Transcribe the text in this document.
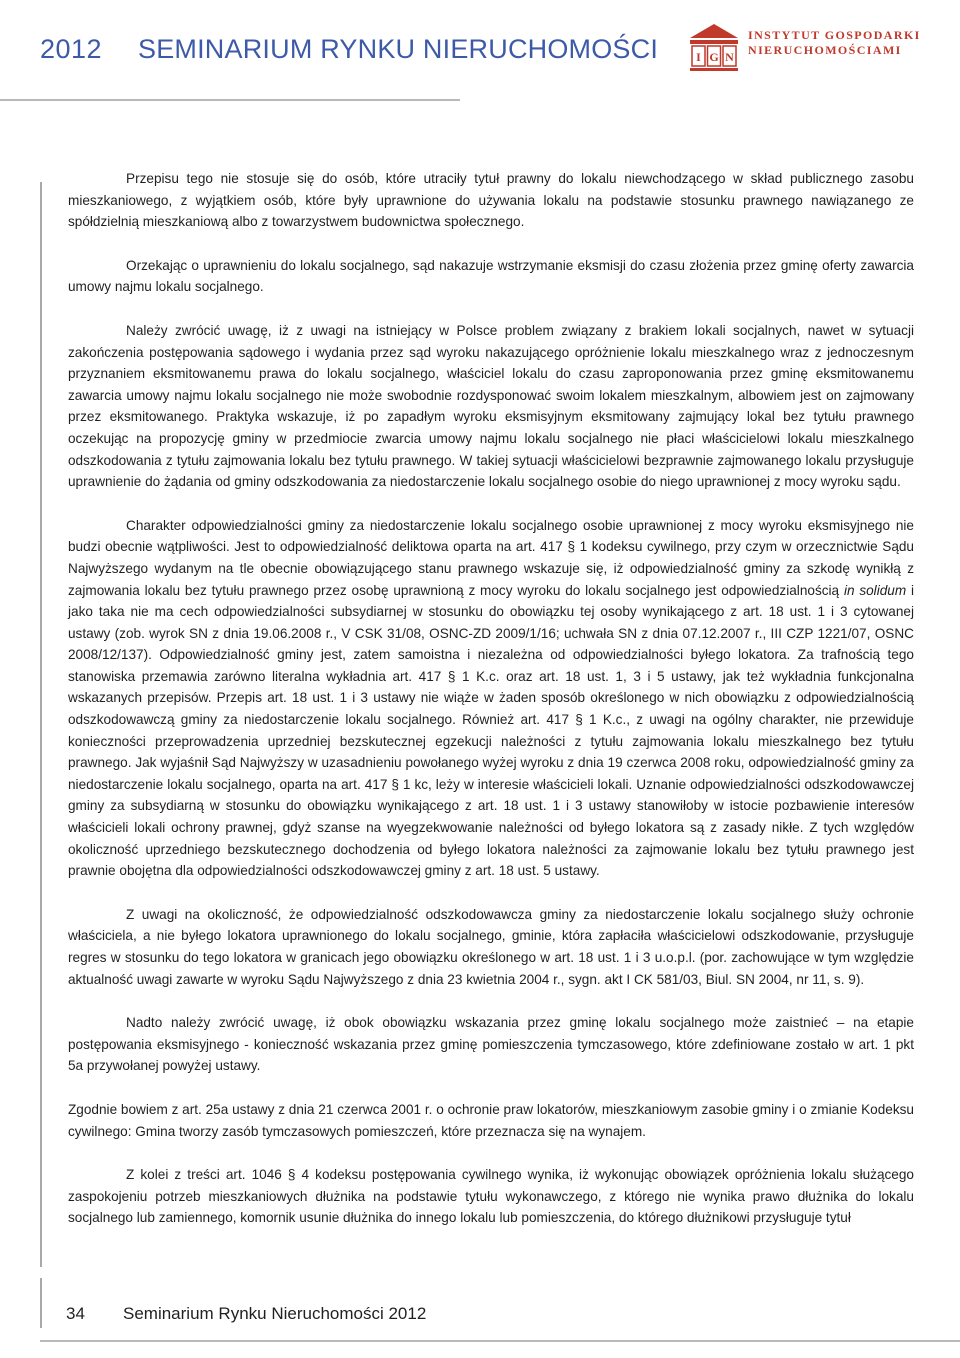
2012 SEMINARIUM RYNKU NIERUCHOMOŚCI	I G N
INSTYTUT GOSPODARKI
NIERUCHOMOŚCIAMI

Przepisu tego nie stosuje się do osób, które utraciły tytuł prawny do lokalu niewchodzącego w skład publicznego zasobu mieszkaniowego, z wyjątkiem osób, które były uprawnione do używania lokalu na podstawie stosunku prawnego nawiązanego ze spółdzielnią mieszkaniową albo z towarzystwem budownictwa społecznego.

Orzekając o uprawnieniu do lokalu socjalnego, sąd nakazuje wstrzymanie eksmisji do czasu złożenia przez gminę oferty zawarcia umowy najmu lokalu socjalnego.

Należy zwrócić uwagę, iż z uwagi na istniejący w Polsce problem związany z brakiem lokali socjalnych, nawet w sytuacji zakończenia postępowania sądowego i wydania przez sąd wyroku nakazującego opróżnienie lokalu mieszkalnego wraz z jednoczesnym przyznaniem eksmitowanemu prawa do lokalu socjalnego, właściciel lokalu do czasu zaproponowania przez gminę eksmitowanemu zawarcia umowy najmu lokalu socjalnego nie może swobodnie rozdysponować swoim lokalem mieszkalnym, albowiem jest on zajmowany przez eksmitowanego. Praktyka wskazuje, iż po zapadłym wyroku eksmisyjnym eksmitowany zajmujący lokal bez tytułu prawnego oczekując na propozycję gminy w przedmiocie zwarcia umowy najmu lokalu socjalnego nie płaci właścicielowi lokalu mieszkalnego odszkodowania z tytułu zajmowania lokalu bez tytułu prawnego. W takiej sytuacji właścicielowi bezprawnie zajmowanego lokalu przysługuje uprawnienie do żądania od gminy odszkodowania za niedostarczenie lokalu socjalnego osobie do niego uprawnionej z mocy wyroku sądu.

Charakter odpowiedzialności gminy za niedostarczenie lokalu socjalnego osobie uprawnionej z mocy wyroku eksmisyjnego nie budzi obecnie wątpliwości. Jest to odpowiedzialność deliktowa oparta na art. 417 § 1 kodeksu cywilnego, przy czym w orzecznictwie Sądu Najwyższego wydanym na tle obecnie obowiązującego stanu prawnego wskazuje się, iż odpowiedzialność gminy za szkodę wynikłą z zajmowania lokalu bez tytułu prawnego przez osobę uprawnioną z mocy wyroku do lokalu socjalnego jest odpowiedzialnością in solidum i jako taka nie ma cech odpowiedzialności subsydiarnej w stosunku do obowiązku tej osoby wynikającego z art. 18 ust. 1 i 3 cytowanej ustawy (zob. wyrok SN z dnia 19.06.2008 r., V CSK 31/08, OSNC-ZD 2009/1/16; uchwała SN z dnia 07.12.2007 r., III CZP 1221/07, OSNC 2008/12/137). Odpowiedzialność gminy jest, zatem samoistna i niezależna od odpowiedzialności byłego lokatora. Za trafnością tego stanowiska przemawia zarówno literalna wykładnia art. 417 § 1 K.c. oraz art. 18 ust. 1, 3 i 5 ustawy, jak też wykładnia funkcjonalna wskazanych przepisów. Przepis art. 18 ust. 1 i 3 ustawy nie wiąże w żaden sposób określonego w nich obowiązku z odpowiedzialnością odszkodowawczą gminy za niedostarczenie lokalu socjalnego. Również art. 417 § 1 K.c., z uwagi na ogólny charakter, nie przewiduje konieczności przeprowadzenia uprzedniej bezskutecznej egzekucji należności z tytułu zajmowania lokalu mieszkalnego bez tytułu prawnego. Jak wyjaśnił Sąd Najwyższy w uzasadnieniu powołanego wyżej wyroku z dnia 19 czerwca 2008 roku, odpowiedzialność gminy za niedostarczenie lokalu socjalnego, oparta na art. 417 § 1 kc, leży w interesie właścicieli lokali. Uznanie odpowiedzialności odszkodowawczej gminy za subsydiarną w stosunku do obowiązku wynikającego z art. 18 ust. 1 i 3 ustawy stanowiłoby w istocie pozbawienie interesów właścicieli lokali ochrony prawnej, gdyż szanse na wyegzekwowanie należności od byłego lokatora są z zasady nikłe. Z tych względów okoliczność uprzedniego bezskutecznego dochodzenia od byłego lokatora należności za zajmowanie lokalu bez tytułu prawnego jest prawnie obojętna dla odpowiedzialności odszkodowawczej gminy z art. 18 ust. 5 ustawy.

Z uwagi na okoliczność, że odpowiedzialność odszkodowawcza gminy za niedostarczenie lokalu socjalnego służy ochronie właściciela, a nie byłego lokatora uprawnionego do lokalu socjalnego, gminie, która zapłaciła właścicielowi odszkodowanie, przysługuje regres w stosunku do tego lokatora w granicach jego obowiązku określonego w art. 18 ust. 1 i 3 u.o.p.l. (por. zachowujące w tym względzie aktualność uwagi zawarte w wyroku Sądu Najwyższego z dnia 23 kwietnia 2004 r., sygn. akt I CK 581/03, Biul. SN 2004, nr 11, s. 9).

Nadto należy zwrócić uwagę, iż obok obowiązku wskazania przez gminę lokalu socjalnego może zaistnieć – na etapie postępowania eksmisyjnego - konieczność wskazania przez gminę pomieszczenia tymczasowego, które zdefiniowane zostało w art. 1 pkt 5a przywołanej powyżej ustawy.

Zgodnie bowiem z art. 25a ustawy z dnia 21 czerwca 2001 r. o ochronie praw lokatorów, mieszkaniowym zasobie gminy i o zmianie Kodeksu cywilnego: Gmina tworzy zasób tymczasowych pomieszczeń, które przeznacza się na wynajem.

Z kolei z treści art. 1046 § 4 kodeksu postępowania cywilnego wynika, iż wykonując obowiązek opróżnienia lokalu służącego zaspokojeniu potrzeb mieszkaniowych dłużnika na podstawie tytułu wykonawczego, z którego nie wynika prawo dłużnika do lokalu socjalnego lub zamiennego, komornik usunie dłużnika do innego lokalu lub pomieszczenia, do którego dłużnikowi przysługuje tytuł

34 Seminarium Rynku Nieruchomości 2012
